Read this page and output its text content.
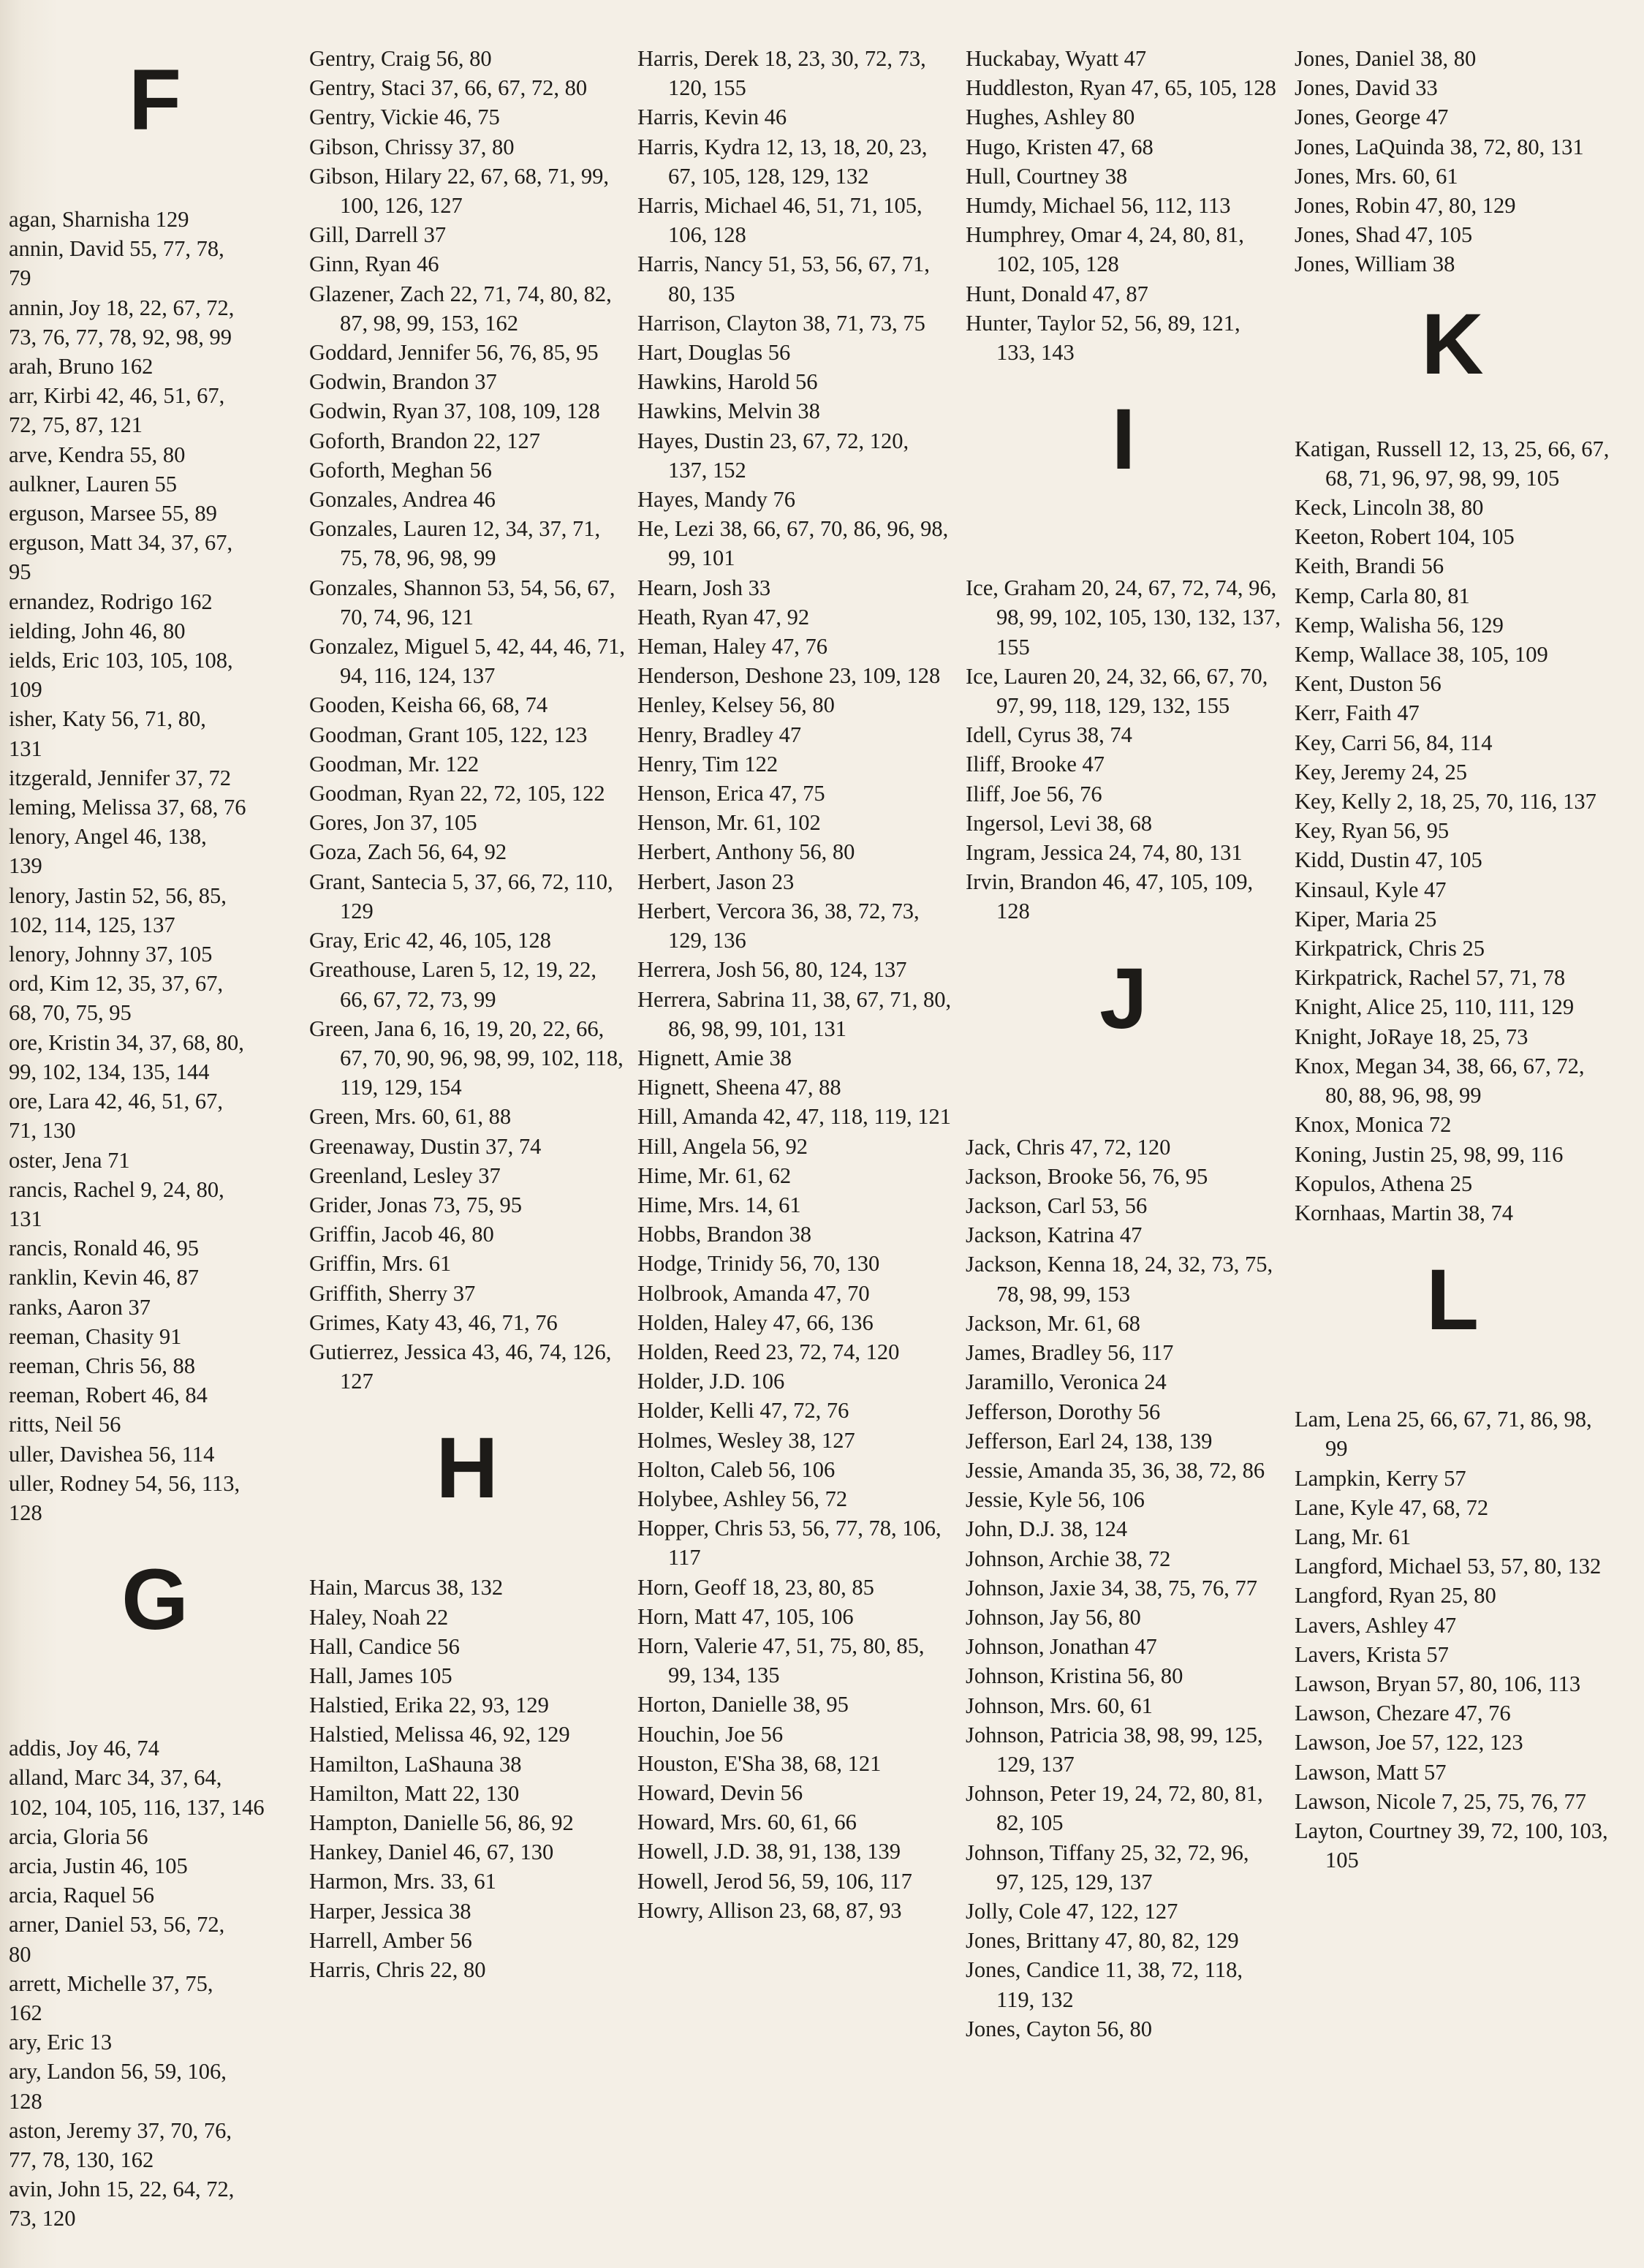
F
agan, Sharnisha 129
annin, David 55, 77, 78,
79
annin, Joy 18, 22, 67, 72,
73, 76, 77, 78, 92, 98, 99
arah, Bruno 162
arr, Kirbi 42, 46, 51, 67,
72, 75, 87, 121
arve, Kendra 55, 80
aulkner, Lauren 55
erguson, Marsee 55, 89
erguson, Matt 34, 37, 67,
95
ernandez, Rodrigo 162
ielding, John 46, 80
ields, Eric 103, 105, 108,
109
isher, Katy 56, 71, 80,
131
itzgerald, Jennifer 37, 72
leming, Melissa 37, 68, 76
lenory, Angel 46, 138,
139
lenory, Jastin 52, 56, 85,
102, 114, 125, 137
lenory, Johnny 37, 105
ord, Kim 12, 35, 37, 67,
68, 70, 75, 95
ore, Kristin 34, 37, 68, 80,
99, 102, 134, 135, 144
ore, Lara 42, 46, 51, 67,
71, 130
oster, Jena 71
rancis, Rachel 9, 24, 80,
131
rancis, Ronald 46, 95
ranklin, Kevin 46, 87
ranks, Aaron 37
reeman, Chasity 91
reeman, Chris 56, 88
reeman, Robert 46, 84
ritts, Neil 56
uller, Davishea 56, 114
uller, Rodney 54, 56, 113,
128
G
addis, Joy 46, 74
alland, Marc 34, 37, 64,
102, 104, 105, 116, 137, 146
arcia, Gloria 56
arcia, Justin 46, 105
arcia, Raquel 56
arner, Daniel 53, 56, 72,
80
arrett, Michelle 37, 75,
162
ary, Eric 13
ary, Landon 56, 59, 106,
128
aston, Jeremy 37, 70, 76,
77, 78, 130, 162
avin, John 15, 22, 64, 72,
73, 120
Gentry, Craig 56, 80
Gentry, Staci 37, 66, 67, 72, 80
Gentry, Vickie 46, 75
Gibson, Chrissy 37, 80
Gibson, Hilary 22, 67, 68, 71, 99, 100, 126, 127
Gill, Darrell 37
Ginn, Ryan 46
Glazener, Zach 22, 71, 74, 80, 82, 87, 98, 99, 153, 162
Goddard, Jennifer 56, 76, 85, 95
Godwin, Brandon 37
Godwin, Ryan 37, 108, 109, 128
Goforth, Brandon 22, 127
Goforth, Meghan 56
Gonzales, Andrea 46
Gonzales, Lauren 12, 34, 37, 71, 75, 78, 96, 98, 99
Gonzales, Shannon 53, 54, 56, 67, 70, 74, 96, 121
Gonzalez, Miguel 5, 42, 44, 46, 71, 94, 116, 124, 137
Gooden, Keisha 66, 68, 74
Goodman, Grant 105, 122, 123
Goodman, Mr. 122
Goodman, Ryan 22, 72, 105, 122
Gores, Jon 37, 105
Goza, Zach 56, 64, 92
Grant, Santecia 5, 37, 66, 72, 110, 129
Gray, Eric 42, 46, 105, 128
Greathouse, Laren 5, 12, 19, 22, 66, 67, 72, 73, 99
Green, Jana 6, 16, 19, 20, 22, 66, 67, 70, 90, 96, 98, 99, 102, 118, 119, 129, 154
Green, Mrs. 60, 61, 88
Greenaway, Dustin 37, 74
Greenland, Lesley 37
Grider, Jonas 73, 75, 95
Griffin, Jacob 46, 80
Griffin, Mrs. 61
Griffith, Sherry 37
Grimes, Katy 43, 46, 71, 76
Gutierrez, Jessica 43, 46, 74, 126, 127
H
Hain, Marcus 38, 132
Haley, Noah 22
Hall, Candice 56
Hall, James 105
Halstied, Erika 22, 93, 129
Halstied, Melissa 46, 92, 129
Hamilton, LaShauna 38
Hamilton, Matt 22, 130
Hampton, Danielle 56, 86, 92
Hankey, Daniel 46, 67, 130
Harmon, Mrs. 33, 61
Harper, Jessica 38
Harrell, Amber 56
Harris, Chris 22, 80
Harris, Derek 18, 23, 30, 72, 73, 120, 155
Harris, Kevin 46
Harris, Kydra 12, 13, 18, 20, 23, 67, 105, 128, 129, 132
Harris, Michael 46, 51, 71, 105, 106, 128
Harris, Nancy 51, 53, 56, 67, 71, 80, 135
Harrison, Clayton 38, 71, 73, 75
Hart, Douglas 56
Hawkins, Harold 56
Hawkins, Melvin 38
Hayes, Dustin 23, 67, 72, 120, 137, 152
Hayes, Mandy 76
He, Lezi 38, 66, 67, 70, 86, 96, 98, 99, 101
Hearn, Josh 33
Heath, Ryan 47, 92
Heman, Haley 47, 76
Henderson, Deshone 23, 109, 128
Henley, Kelsey 56, 80
Henry, Bradley 47
Henry, Tim 122
Henson, Erica 47, 75
Henson, Mr. 61, 102
Herbert, Anthony 56, 80
Herbert, Jason 23
Herbert, Vercora 36, 38, 72, 73, 129, 136
Herrera, Josh 56, 80, 124, 137
Herrera, Sabrina 11, 38, 67, 71, 80, 86, 98, 99, 101, 131
Hignett, Amie 38
Hignett, Sheena 47, 88
Hill, Amanda 42, 47, 118, 119, 121
Hill, Angela 56, 92
Hime, Mr. 61, 62
Hime, Mrs. 14, 61
Hobbs, Brandon 38
Hodge, Trinidy 56, 70, 130
Holbrook, Amanda 47, 70
Holden, Haley 47, 66, 136
Holden, Reed 23, 72, 74, 120
Holder, J.D. 106
Holder, Kelli 47, 72, 76
Holmes, Wesley 38, 127
Holton, Caleb 56, 106
Holybee, Ashley 56, 72
Hopper, Chris 53, 56, 77, 78, 106, 117
Horn, Geoff 18, 23, 80, 85
Horn, Matt 47, 105, 106
Horn, Valerie 47, 51, 75, 80, 85, 99, 134, 135
Horton, Danielle 38, 95
Houchin, Joe 56
Houston, E'Sha 38, 68, 121
Howard, Devin 56
Howard, Mrs. 60, 61, 66
Howell, J.D. 38, 91, 138, 139
Howell, Jerod 56, 59, 106, 117
Howry, Allison 23, 68, 87, 93
Huckabay, Wyatt 47
Huddleston, Ryan 47, 65, 105, 128
Hughes, Ashley 80
Hugo, Kristen 47, 68
Hull, Courtney 38
Humdy, Michael 56, 112, 113
Humphrey, Omar 4, 24, 80, 81, 102, 105, 128
Hunt, Donald 47, 87
Hunter, Taylor 52, 56, 89, 121, 133, 143
I
Ice, Graham 20, 24, 67, 72, 74, 96, 98, 99, 102, 105, 130, 132, 137, 155
Ice, Lauren 20, 24, 32, 66, 67, 70, 97, 99, 118, 129, 132, 155
Idell, Cyrus 38, 74
Iliff, Brooke 47
Iliff, Joe 56, 76
Ingersol, Levi 38, 68
Ingram, Jessica 24, 74, 80, 131
Irvin, Brandon 46, 47, 105, 109, 128
J
Jack, Chris 47, 72, 120
Jackson, Brooke 56, 76, 95
Jackson, Carl 53, 56
Jackson, Katrina 47
Jackson, Kenna 18, 24, 32, 73, 75, 78, 98, 99, 153
Jackson, Mr. 61, 68
James, Bradley 56, 117
Jaramillo, Veronica 24
Jefferson, Dorothy 56
Jefferson, Earl 24, 138, 139
Jessie, Amanda 35, 36, 38, 72, 86
Jessie, Kyle 56, 106
John, D.J. 38, 124
Johnson, Archie 38, 72
Johnson, Jaxie 34, 38, 75, 76, 77
Johnson, Jay 56, 80
Johnson, Jonathan 47
Johnson, Kristina 56, 80
Johnson, Mrs. 60, 61
Johnson, Patricia 38, 98, 99, 125, 129, 137
Johnson, Peter 19, 24, 72, 80, 81, 82, 105
Johnson, Tiffany 25, 32, 72, 96, 97, 125, 129, 137
Jolly, Cole 47, 122, 127
Jones, Brittany 47, 80, 82, 129
Jones, Candice 11, 38, 72, 118, 119, 132
Jones, Cayton 56, 80
Jones, Daniel 38, 80
Jones, David 33
Jones, George 47
Jones, LaQuinda 38, 72, 80, 131
Jones, Mrs. 60, 61
Jones, Robin 47, 80, 129
Jones, Shad 47, 105
Jones, William 38
K
Katigan, Russell 12, 13, 25, 66, 67, 68, 71, 96, 97, 98, 99, 105
Keck, Lincoln 38, 80
Keeton, Robert 104, 105
Keith, Brandi 56
Kemp, Carla 80, 81
Kemp, Walisha 56, 129
Kemp, Wallace 38, 105, 109
Kent, Duston 56
Kerr, Faith 47
Key, Carri 56, 84, 114
Key, Jeremy 24, 25
Key, Kelly 2, 18, 25, 70, 116, 137
Key, Ryan 56, 95
Kidd, Dustin 47, 105
Kinsaul, Kyle 47
Kiper, Maria 25
Kirkpatrick, Chris 25
Kirkpatrick, Rachel 57, 71, 78
Knight, Alice 25, 110, 111, 129
Knight, JoRaye 18, 25, 73
Knox, Megan 34, 38, 66, 67, 72, 80, 88, 96, 98, 99
Knox, Monica 72
Koning, Justin 25, 98, 99, 116
Kopulos, Athena 25
Kornhaas, Martin 38, 74
L
Lam, Lena 25, 66, 67, 71, 86, 98, 99
Lampkin, Kerry 57
Lane, Kyle 47, 68, 72
Lang, Mr. 61
Langford, Michael 53, 57, 80, 132
Langford, Ryan 25, 80
Lavers, Ashley 47
Lavers, Krista 57
Lawson, Bryan 57, 80, 106, 113
Lawson, Chezare 47, 76
Lawson, Joe 57, 122, 123
Lawson, Matt 57
Lawson, Nicole 7, 25, 75, 76, 77
Layton, Courtney 39, 72, 100, 103, 105
